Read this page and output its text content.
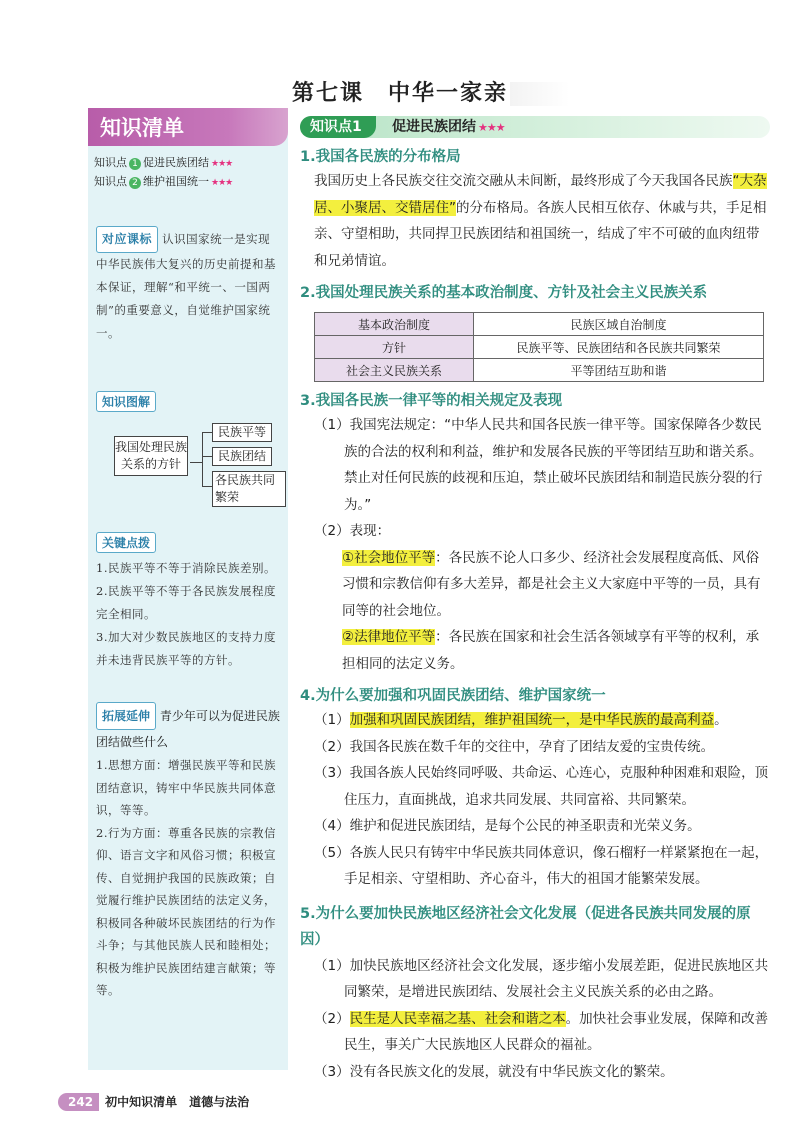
第七课　中华一家亲
知识清单
知识点 1 促进民族团结 ★★★
知识点 2 维护祖国统一 ★★★
对应课标 认识国家统一是实现中华民族伟大复兴的历史前提和基本保证，理解“和平统一、一国两制”的重要意义，自觉维护国家统一。
知识图解
我国处理民族关系的方针
民族平等
民族团结
各民族共同繁荣
关键点拨
1.民族平等不等于消除民族差别。
2.民族平等不等于各民族发展程度完全相同。
3.加大对少数民族地区的支持力度并未违背民族平等的方针。
拓展延伸 青少年可以为促进民族团结做些什么
1.思想方面：增强民族平等和民族团结意识，铸牢中华民族共同体意识，等等。
2.行为方面：尊重各民族的宗教信仰、语言文字和风俗习惯；积极宣传、自觉拥护我国的民族政策；自觉履行维护民族团结的法定义务，积极同各种破坏民族团结的行为作斗争；与其他民族人民和睦相处；积极为维护民族团结建言献策；等等。
知识点1	促进民族团结 ★★★
1.我国各民族的分布格局
我国历史上各民族交往交流交融从未间断，最终形成了今天我国各民族“大杂居、小聚居、交错居住”的分布格局。各族人民相互依存、休戚与共，手足相亲、守望相助，共同捍卫民族团结和祖国统一，结成了牢不可破的血肉纽带和兄弟情谊。
2.我国处理民族关系的基本政治制度、方针及社会主义民族关系
基本政治制度	民族区域自治制度
方针	民族平等、民族团结和各民族共同繁荣
社会主义民族关系	平等团结互助和谐
3.我国各民族一律平等的相关规定及表现
（1）我国宪法规定：“中华人民共和国各民族一律平等。国家保障各少数民族的合法的权利和利益，维护和发展各民族的平等团结互助和谐关系。禁止对任何民族的歧视和压迫，禁止破坏民族团结和制造民族分裂的行为。”
（2）表现：
①社会地位平等：各民族不论人口多少、经济社会发展程度高低、风俗习惯和宗教信仰有多大差异，都是社会主义大家庭中平等的一员，具有同等的社会地位。
②法律地位平等：各民族在国家和社会生活各领域享有平等的权利，承担相同的法定义务。
4.为什么要加强和巩固民族团结、维护国家统一
（1）加强和巩固民族团结，维护祖国统一，是中华民族的最高利益。
（2）我国各民族在数千年的交往中，孕育了团结友爱的宝贵传统。
（3）我国各族人民始终同呼吸、共命运、心连心，克服种种困难和艰险，顶住压力，直面挑战，追求共同发展、共同富裕、共同繁荣。
（4）维护和促进民族团结，是每个公民的神圣职责和光荣义务。
（5）各族人民只有铸牢中华民族共同体意识，像石榴籽一样紧紧抱在一起，手足相亲、守望相助、齐心奋斗，伟大的祖国才能繁荣发展。
5.为什么要加快民族地区经济社会文化发展（促进各民族共同发展的原因）
（1）加快民族地区经济社会文化发展，逐步缩小发展差距，促进民族地区共同繁荣，是增进民族团结、发展社会主义民族关系的必由之路。
（2）民生是人民幸福之基、社会和谐之本。加快社会事业发展，保障和改善民生，事关广大民族地区人民群众的福祉。
（3）没有各民族文化的发展，就没有中华民族文化的繁荣。
242 初中知识清单　道德与法治
